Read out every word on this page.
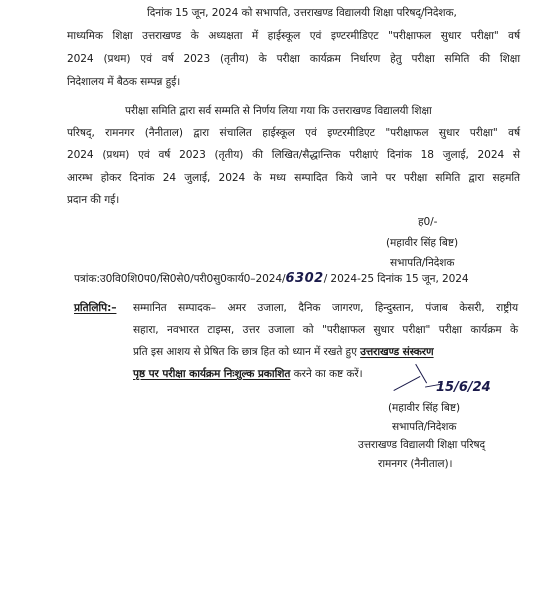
दिनांक 15 जून, 2024 को सभापति, उत्तराखण्ड विद्यालयी शिक्षा परिषद्/निदेशक,
माध्यमिक शिक्षा उत्तराखण्ड के अध्यक्षता में हाईस्कूल एवं इण्टरमीडिएट "परीक्षाफल सुधार परीक्षा" वर्ष
2024 (प्रथम) एवं वर्ष 2023 (तृतीय) के परीक्षा कार्यक्रम निर्धारण हेतु परीक्षा समिति की शिक्षा
निदेशालय में बैठक सम्पन्न हुई।
परीक्षा समिति द्वारा सर्व सम्मति से निर्णय लिया गया कि उत्तराखण्ड विद्यालयी शिक्षा
परिषद्, रामनगर (नैनीताल) द्वारा संचालित हाईस्कूल एवं इण्टरमीडिएट "परीक्षाफल सुधार परीक्षा" वर्ष
2024 (प्रथम) एवं वर्ष 2023 (तृतीय) की लिखित/सैद्धान्तिक परीक्षाएं दिनांक 18 जुलाई, 2024 से
आरम्भ होकर दिनांक 24 जुलाई, 2024 के मध्य सम्पादित किये जाने पर परीक्षा समिति द्वारा सहमति
प्रदान की गई।
ह0/-
(महावीर सिंह बिष्ट)
सभापति/निदेशक
पत्रांक:उ0वि0शि0प0/सि0से0/परी0सु0कार्य0–2024/6302/ 2024-25 दिनांक 15 जून, 2024
प्रतिलिपि:– सम्मानित सम्पादक– अमर उजाला, दैनिक जागरण, हिन्दुस्तान, पंजाब केसरी, राष्ट्रीय
सहारा, नवभारत टाइम्स, उत्तर उजाला को "परीक्षाफल सुधार परीक्षा" परीक्षा कार्यक्रम के
प्रति इस आशय से प्रेषित कि छात्र हित को ध्यान में रखते हुए उत्तराखण्ड संस्करण
पृष्ठ पर परीक्षा कार्यक्रम निःशुल्क प्रकाशित करने का कष्ट करें।
15/6/24
(महावीर सिंह बिष्ट)
सभापति/निदेशक
उत्तराखण्ड विद्यालयी शिक्षा परिषद्
रामनगर (नैनीताल)।
